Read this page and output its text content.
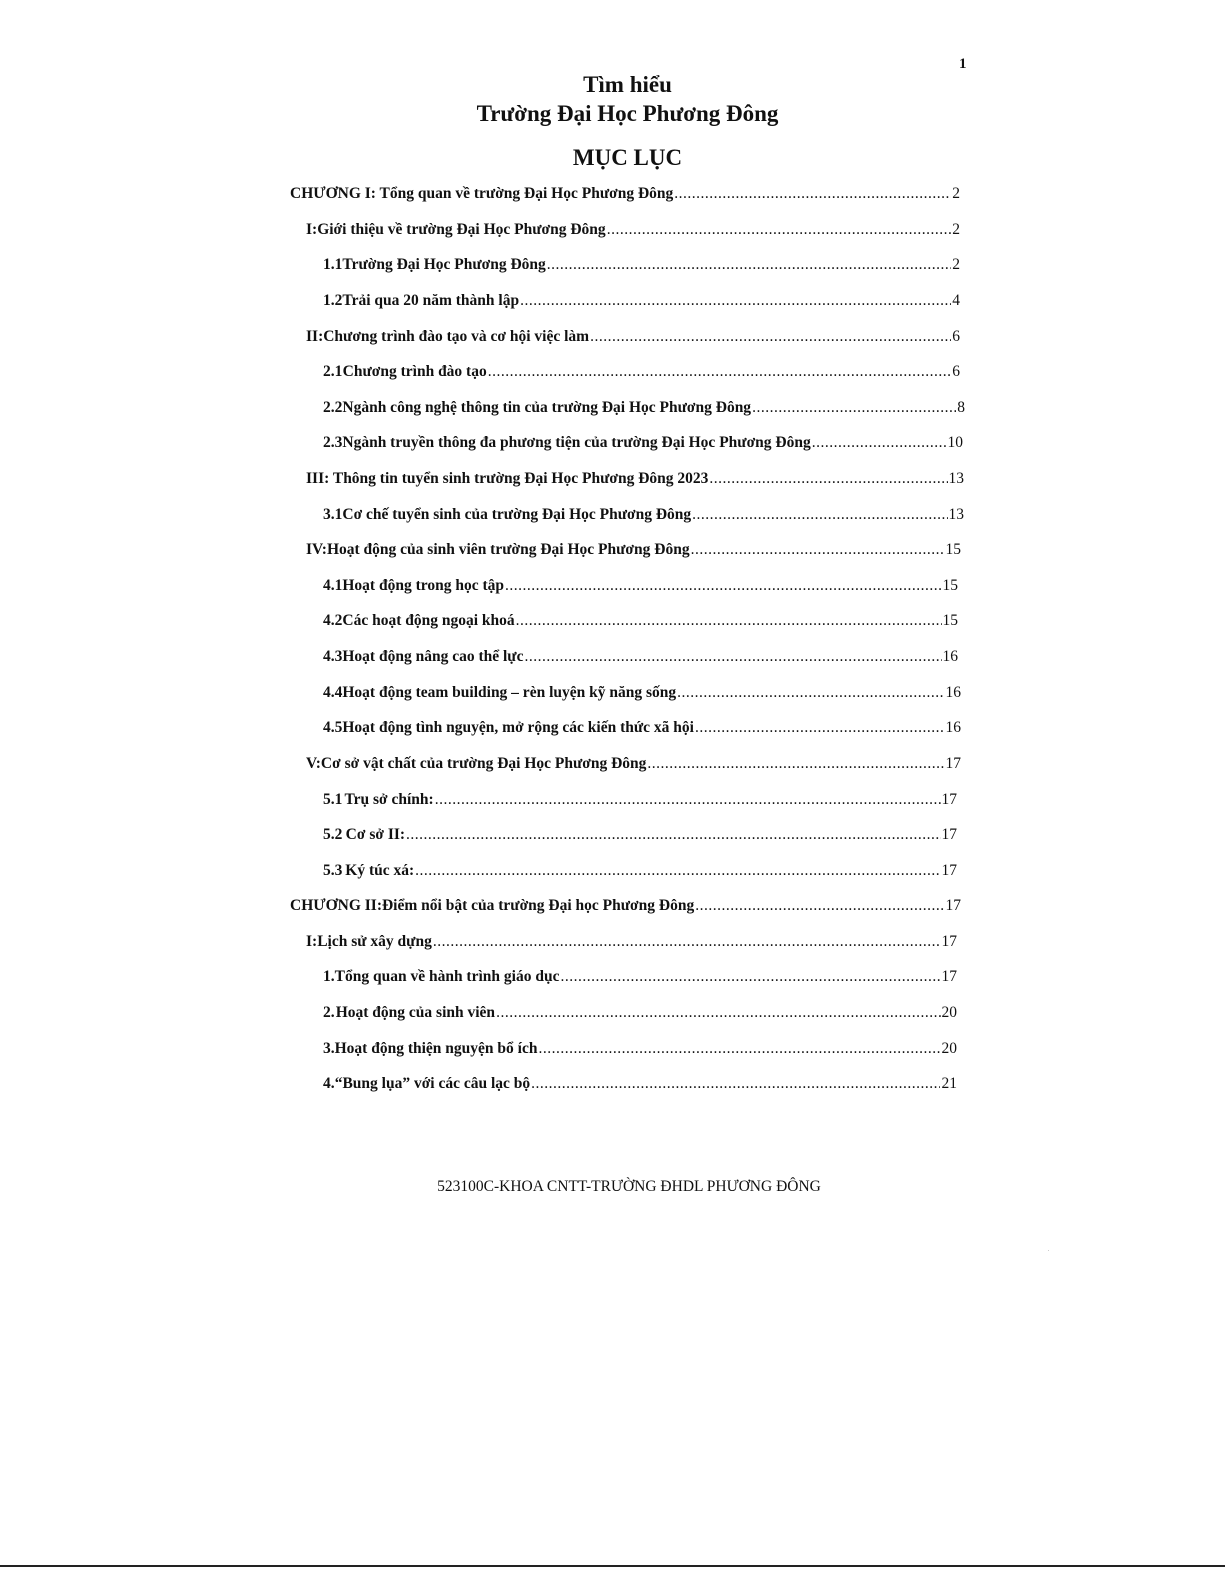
1
Tìm hiểu
Trường Đại Học Phương Đông
MỤC LỤC
CHƯƠNG I: Tổng quan về trường Đại Học Phương Đông .....	2
I:Giới thiệu về trường Đại Học Phương Đông .....	2
1.1 Trường Đại Học Phương Đông .....	2
1.2 Trải qua 20 năm thành lập .....	4
II:Chương trình đào tạo và cơ hội việc làm .....	6
2.1 Chương trình đào tạo .....	6
2.2 Ngành công nghệ thông tin của trường Đại Học Phương Đông .....	8
2.3 Ngành truyền thông đa phương tiện của trường Đại Học Phương Đông .....	10
III: Thông tin tuyển sinh trường Đại Học Phương Đông 2023 .....	13
3.1 Cơ chế tuyển sinh của trường Đại Học Phương Đông .....	13
IV:Hoạt động của sinh viên trường Đại Học Phương Đông .....	15
4.1 Hoạt động trong học tập .....	15
4.2 Các hoạt động ngoại khoá .....	15
4.3 Hoạt động nâng cao thể lực .....	16
4.4 Hoạt động team building – rèn luyện kỹ năng sống .....	16
4.5 Hoạt động tình nguyện, mở rộng các kiến thức xã hội .....	16
V:Cơ sở vật chất của trường Đại Học Phương Đông .....	17
5.1 Trụ sở chính: .....	17
5.2 Cơ sở II: .....	17
5.3 Ký túc xá: .....	17
CHƯƠNG II:Điểm nổi bật của trường Đại học Phương Đông .....	17
I:Lịch sử xây dựng .....	17
1. Tổng quan về hành trình giáo dục .....	17
2. Hoạt động của sinh viên .....	20
3. Hoạt động thiện nguyện bổ ích .....	20
4. “Bung lụa” với các câu lạc bộ .....	21
523100C-KHOA CNTT-TRƯỜNG ĐHDL PHƯƠNG ĐÔNG
